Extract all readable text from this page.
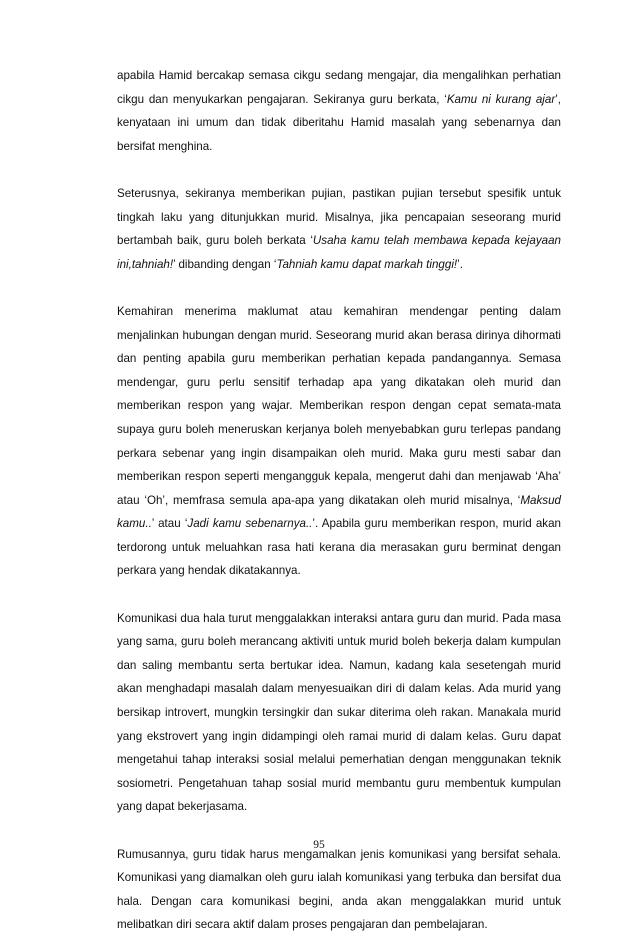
apabila Hamid bercakap semasa cikgu sedang mengajar, dia mengalihkan perhatian cikgu dan menyukarkan pengajaran. Sekiranya guru berkata, ‘Kamu ni kurang ajar’, kenyataan ini umum dan tidak diberitahu Hamid masalah yang sebenarnya dan bersifat menghina.

Seterusnya, sekiranya memberikan pujian, pastikan pujian tersebut spesifik untuk tingkah laku yang ditunjukkan murid. Misalnya, jika pencapaian seseorang murid bertambah baik, guru boleh berkata ‘Usaha kamu telah membawa kepada kejayaan ini,tahniah!’ dibanding dengan ‘Tahniah kamu dapat markah tinggi!’.

Kemahiran menerima maklumat atau kemahiran mendengar penting dalam menjalinkan hubungan dengan murid. Seseorang murid akan berasa dirinya dihormati dan penting apabila guru memberikan perhatian kepada pandangannya. Semasa mendengar, guru perlu sensitif terhadap apa yang dikatakan oleh murid dan memberikan respon yang wajar. Memberikan respon dengan cepat semata-mata supaya guru boleh meneruskan kerjanya boleh menyebabkan guru terlepas pandang perkara sebenar yang ingin disampaikan oleh murid. Maka guru mesti sabar dan memberikan respon seperti mengangguk kepala, mengerut dahi dan menjawab ‘Aha’ atau ‘Oh’, memfrasa semula apa-apa yang dikatakan oleh murid misalnya, ‘Maksud kamu..’ atau ‘Jadi kamu sebenarnya..’. Apabila guru memberikan respon, murid akan terdorong untuk meluahkan rasa hati kerana dia merasakan guru berminat dengan perkara yang hendak dikatakannya.

Komunikasi dua hala turut menggalakkan interaksi antara guru dan murid. Pada masa yang sama, guru boleh merancang aktiviti untuk murid boleh bekerja dalam kumpulan dan saling membantu serta bertukar idea. Namun, kadang kala sesetengah murid akan menghadapi masalah dalam menyesuaikan diri di dalam kelas. Ada murid yang bersikap introvert, mungkin tersingkir dan sukar diterima oleh rakan. Manakala murid yang ekstrovert yang ingin didampingi oleh ramai murid di dalam kelas. Guru dapat mengetahui tahap interaksi sosial melalui pemerhatian dengan menggunakan teknik sosiometri. Pengetahuan tahap sosial murid membantu guru membentuk kumpulan yang dapat bekerjasama.

Rumusannya, guru tidak harus mengamalkan jenis komunikasi yang bersifat sehala. Komunikasi yang diamalkan oleh guru ialah komunikasi yang terbuka dan bersifat dua hala. Dengan cara komunikasi begini, anda akan menggalakkan murid untuk melibatkan diri secara aktif dalam proses pengajaran dan pembelajaran.

95
